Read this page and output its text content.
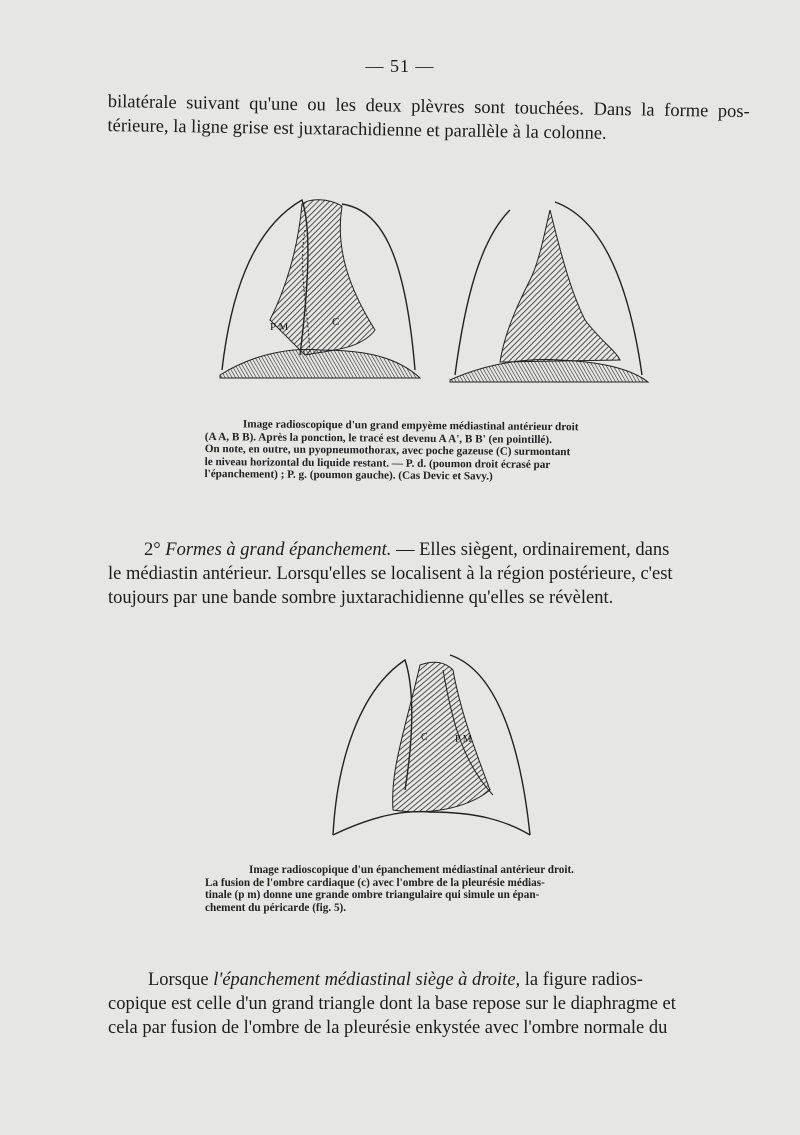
— 51 —
bilatérale suivant qu'une ou les deux plèvres sont touchées. Dans la forme pos-
térieure, la ligne grise est juxtarachidienne et parallèle à la colonne.
P M	C
Image radioscopique d'un grand empyème médiastinal antérieur droit
(A A, B B). Après la ponction, le tracé est devenu A A', B B' (en pointillé).
On note, en outre, un pyopneumothorax, avec poche gazeuse (C) surmontant
le niveau horizontal du liquide restant. — P. d. (poumon droit écrasé par
l'épanchement) ; P. g. (poumon gauche). (Cas Devic et Savy.)
2° Formes à grand épanchement. — Elles siègent, ordinairement, dans
le médiastin antérieur. Lorsqu'elles se localisent à la région postérieure, c'est
toujours par une bande sombre juxtarachidienne qu'elles se révèlent.
C	P M
Image radioscopique d'un épanchement médiastinal antérieur droit.
La fusion de l'ombre cardiaque (c) avec l'ombre de la pleurésie médias-
tinale (p m) donne une grande ombre triangulaire qui simule un épan-
chement du péricarde (fig. 5).
Lorsque l'épanchement médiastinal siège à droite, la figure radios-
copique est celle d'un grand triangle dont la base repose sur le diaphragme et
cela par fusion de l'ombre de la pleurésie enkystée avec l'ombre normale du
